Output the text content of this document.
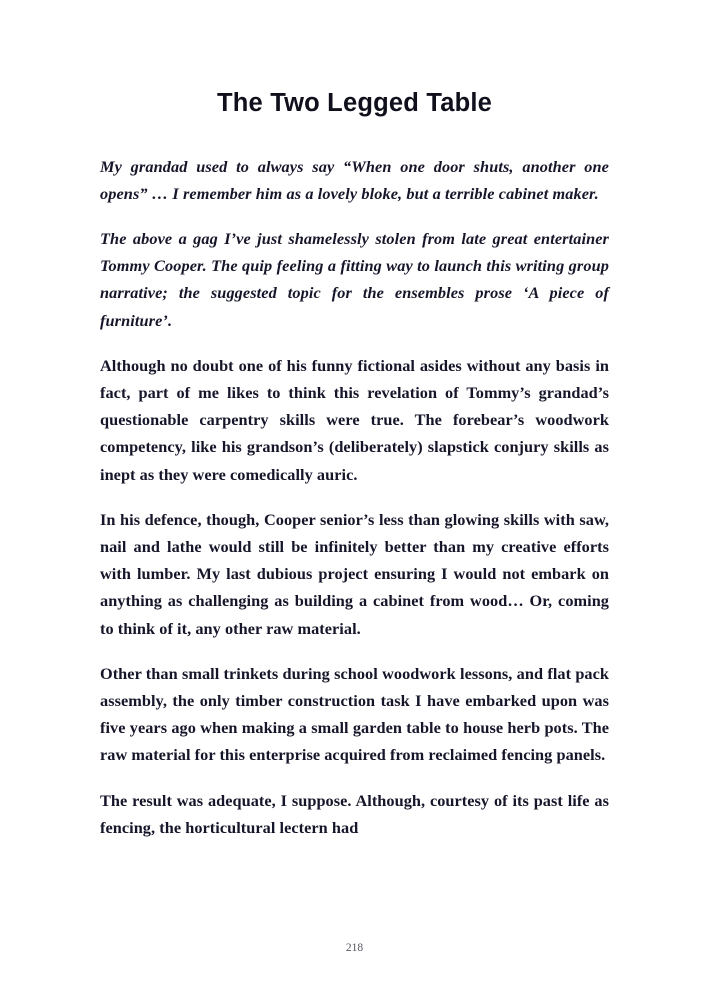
The Two Legged Table

My grandad used to always say “When one door shuts, another one opens” … I remember him as a lovely bloke, but a terrible cabinet maker.

The above a gag I’ve just shamelessly stolen from late great entertainer Tommy Cooper. The quip feeling a fitting way to launch this writing group narrative; the suggested topic for the ensembles prose ‘A piece of furniture’.

Although no doubt one of his funny fictional asides without any basis in fact, part of me likes to think this revelation of Tommy’s grandad’s questionable carpentry skills were true. The forebear’s woodwork competency, like his grandson’s (deliberately) slapstick conjury skills as inept as they were comedically auric.

In his defence, though, Cooper senior’s less than glowing skills with saw, nail and lathe would still be infinitely better than my creative efforts with lumber. My last dubious project ensuring I would not embark on anything as challenging as building a cabinet from wood… Or, coming to think of it, any other raw material.

Other than small trinkets during school woodwork lessons, and flat pack assembly, the only timber construction task I have embarked upon was five years ago when making a small garden table to house herb pots. The raw material for this enterprise acquired from reclaimed fencing panels.

The result was adequate, I suppose. Although, courtesy of its past life as fencing, the horticultural lectern had

218
